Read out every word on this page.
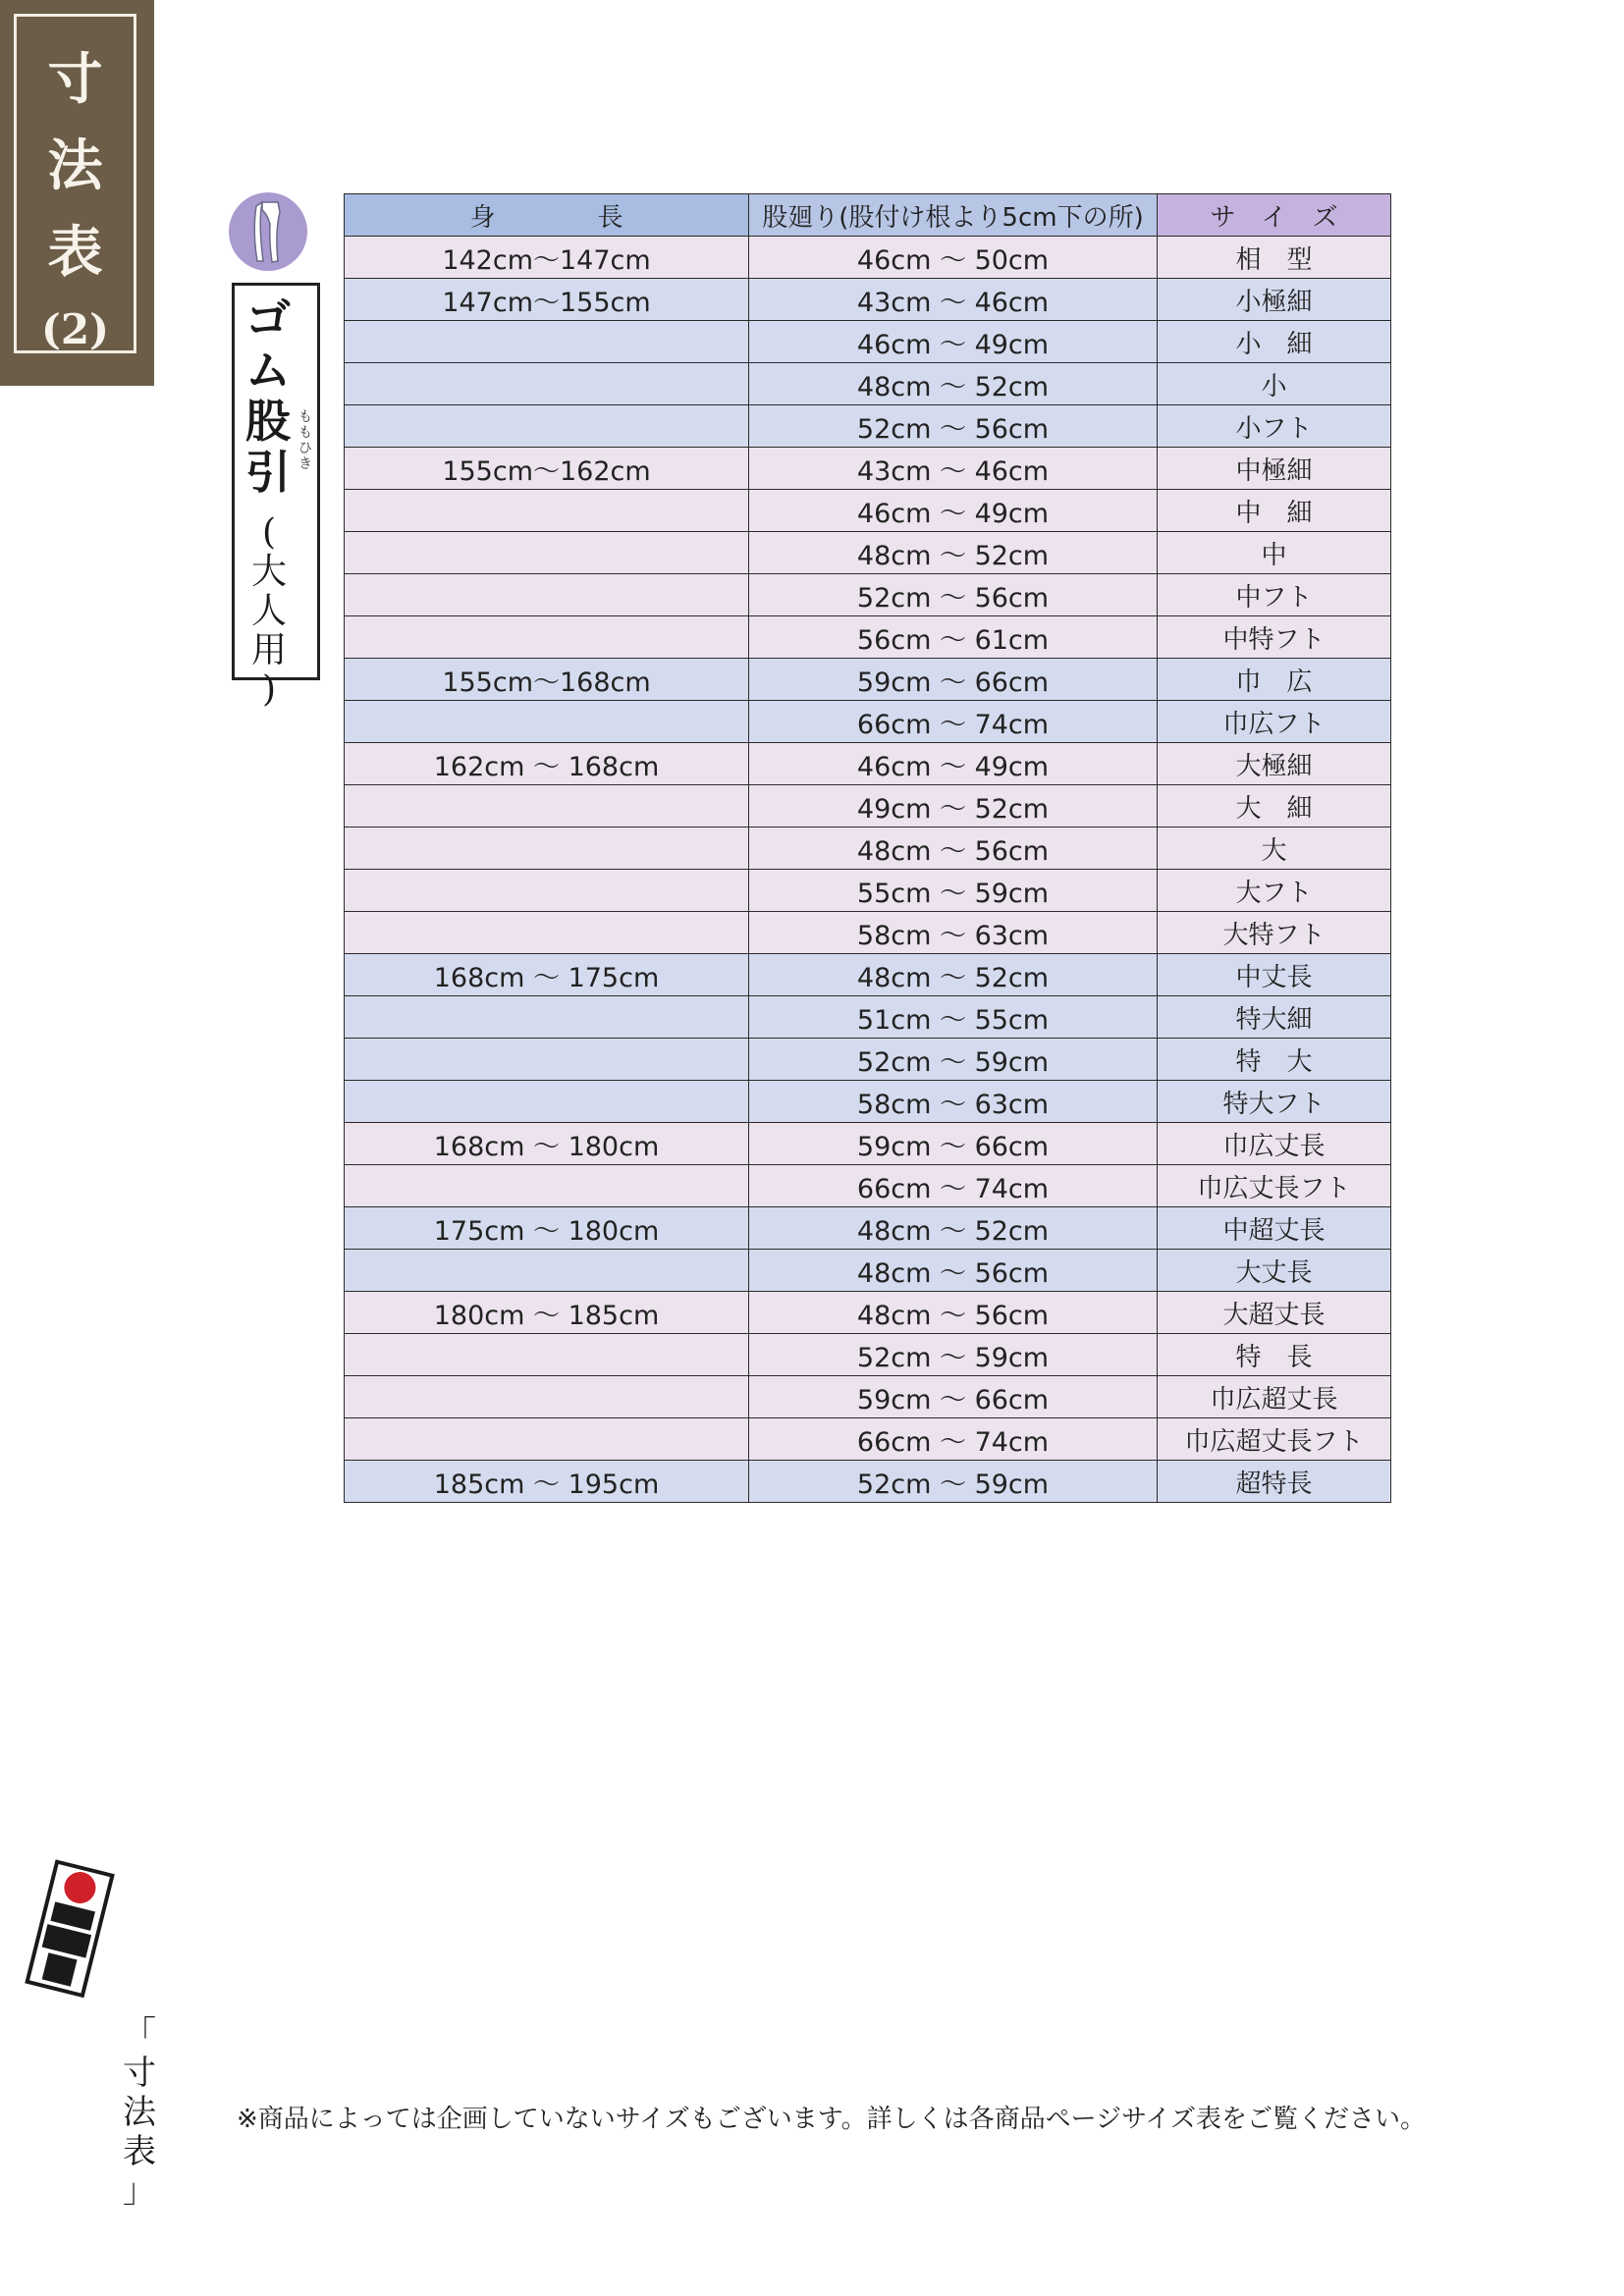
寸
法
表
(2)	ゴ
ム
股
引
も
も
ひ
き
(
大
人
用
)
身　　　　長	股廻り(股付け根より5cm下の所)	サ　イ　ズ
142cm〜147cm	46cm 〜 50cm	相　型
147cm〜155cm	43cm 〜 46cm	小極細
	46cm 〜 49cm	小　細
	48cm 〜 52cm	小
	52cm 〜 56cm	小フト
155cm〜162cm	43cm 〜 46cm	中極細
	46cm 〜 49cm	中　細
	48cm 〜 52cm	中
	52cm 〜 56cm	中フト
	56cm 〜 61cm	中特フト
155cm〜168cm	59cm 〜 66cm	巾　広
	66cm 〜 74cm	巾広フト
162cm 〜 168cm	46cm 〜 49cm	大極細
	49cm 〜 52cm	大　細
	48cm 〜 56cm	大
	55cm 〜 59cm	大フト
	58cm 〜 63cm	大特フト
168cm 〜 175cm	48cm 〜 52cm	中丈長
	51cm 〜 55cm	特大細
	52cm 〜 59cm	特　大
	58cm 〜 63cm	特大フト
168cm 〜 180cm	59cm 〜 66cm	巾広丈長
	66cm 〜 74cm	巾広丈長フト
175cm 〜 180cm	48cm 〜 52cm	中超丈長
	48cm 〜 56cm	大丈長
180cm 〜 185cm	48cm 〜 56cm	大超丈長
	52cm 〜 59cm	特　長
	59cm 〜 66cm	巾広超丈長
	66cm 〜 74cm	巾広超丈長フト
185cm 〜 195cm	52cm 〜 59cm	超特長
「
寸
法
表
」
※商品によっては企画していないサイズもございます。詳しくは各商品ページサイズ表をご覧ください。
